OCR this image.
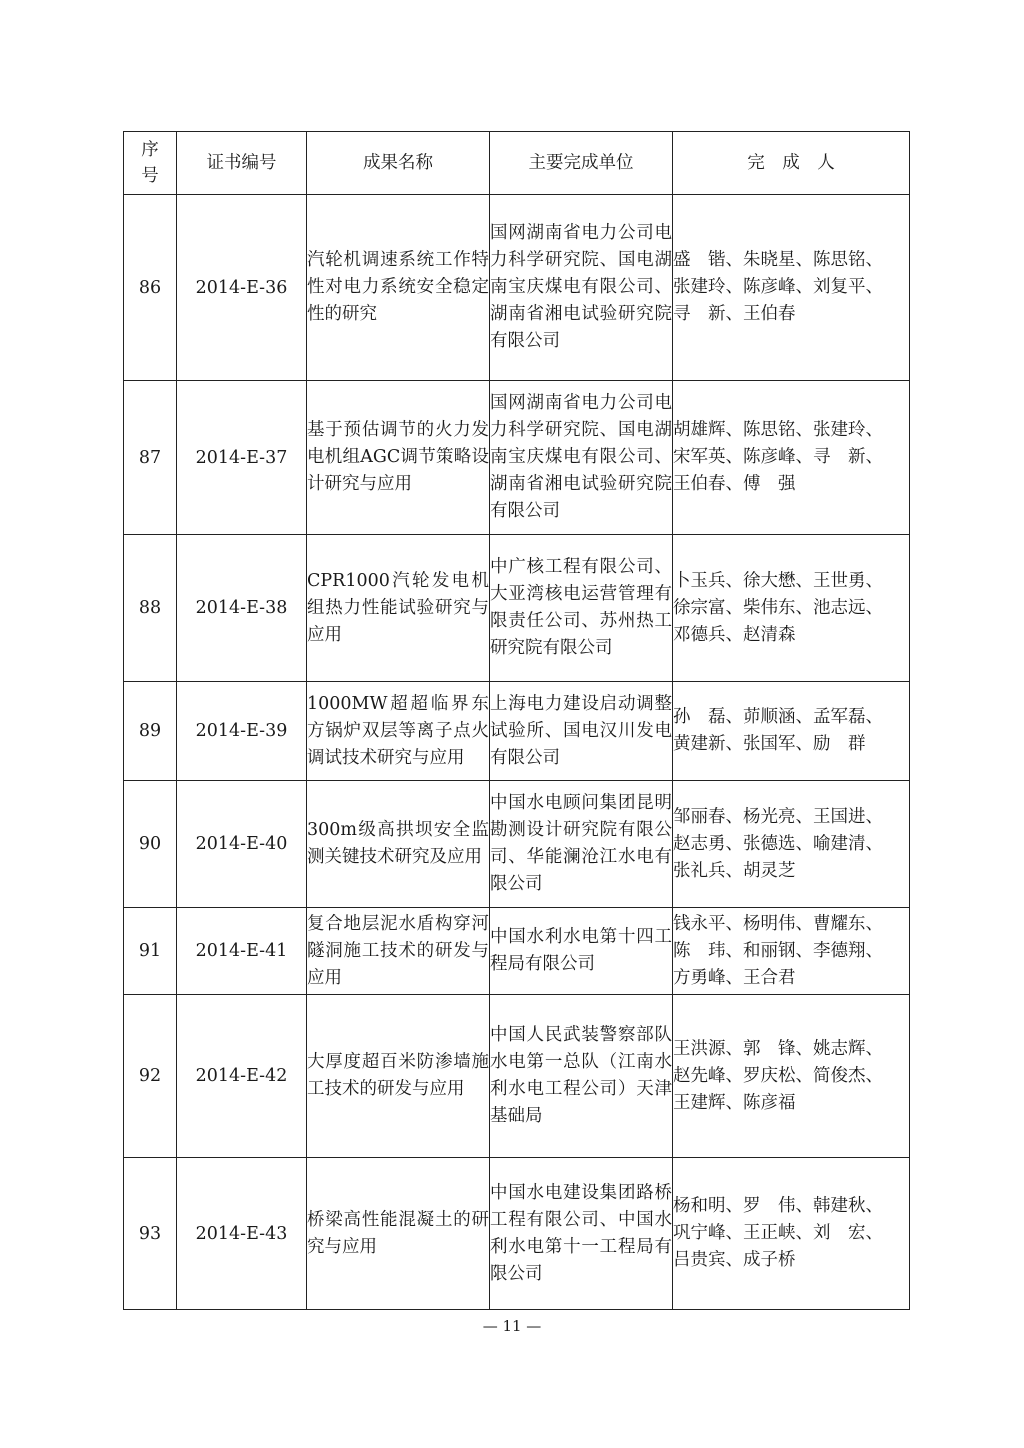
序
号	证书编号	成果名称	主要完成单位	完　成　人
86	2014-E-36	汽轮机调速系统工作特性对电力系统安全稳定性的研究	国网湖南省电力公司电力科学研究院、国电湖南宝庆煤电有限公司、湖南省湘电试验研究院有限公司	盛　锴、朱晓星、陈思铭、
张建玲、陈彦峰、刘复平、
寻　新、王伯春
87	2014-E-37	基于预估调节的火力发电机组AGC调节策略设计研究与应用	国网湖南省电力公司电力科学研究院、国电湖南宝庆煤电有限公司、湖南省湘电试验研究院有限公司	胡雄辉、陈思铭、张建玲、
宋军英、陈彦峰、寻　新、
王伯春、傅　强
88	2014-E-38	CPR1000汽轮发电机组热力性能试验研究与应用	中广核工程有限公司、大亚湾核电运营管理有限责任公司、苏州热工研究院有限公司	卜玉兵、徐大懋、王世勇、
徐宗富、柴伟东、池志远、
邓德兵、赵清森
89	2014-E-39	1000MW超超临界东方锅炉双层等离子点火调试技术研究与应用	上海电力建设启动调整试验所、国电汉川发电有限公司	孙　磊、茆顺涵、孟军磊、
黄建新、张国军、励　群
90	2014-E-40	300m级高拱坝安全监测关键技术研究及应用	中国水电顾问集团昆明勘测设计研究院有限公司、华能澜沧江水电有限公司	邹丽春、杨光亮、王国进、
赵志勇、张德选、喻建清、
张礼兵、胡灵芝
91	2014-E-41	复合地层泥水盾构穿河隧洞施工技术的研发与应用	中国水利水电第十四工程局有限公司	钱永平、杨明伟、曹耀东、
陈　玮、和丽钢、李德翔、
方勇峰、王合君
92	2014-E-42	大厚度超百米防渗墙施工技术的研发与应用	中国人民武装警察部队水电第一总队（江南水利水电工程公司）天津基础局	王洪源、郭　锋、姚志辉、
赵先峰、罗庆松、简俊杰、
王建辉、陈彦福
93	2014-E-43	桥梁高性能混凝土的研究与应用	中国水电建设集团路桥工程有限公司、中国水利水电第十一工程局有限公司	杨和明、罗　伟、韩建秋、
巩宁峰、王正峡、刘　宏、
吕贵宾、成子桥
— 11 —
